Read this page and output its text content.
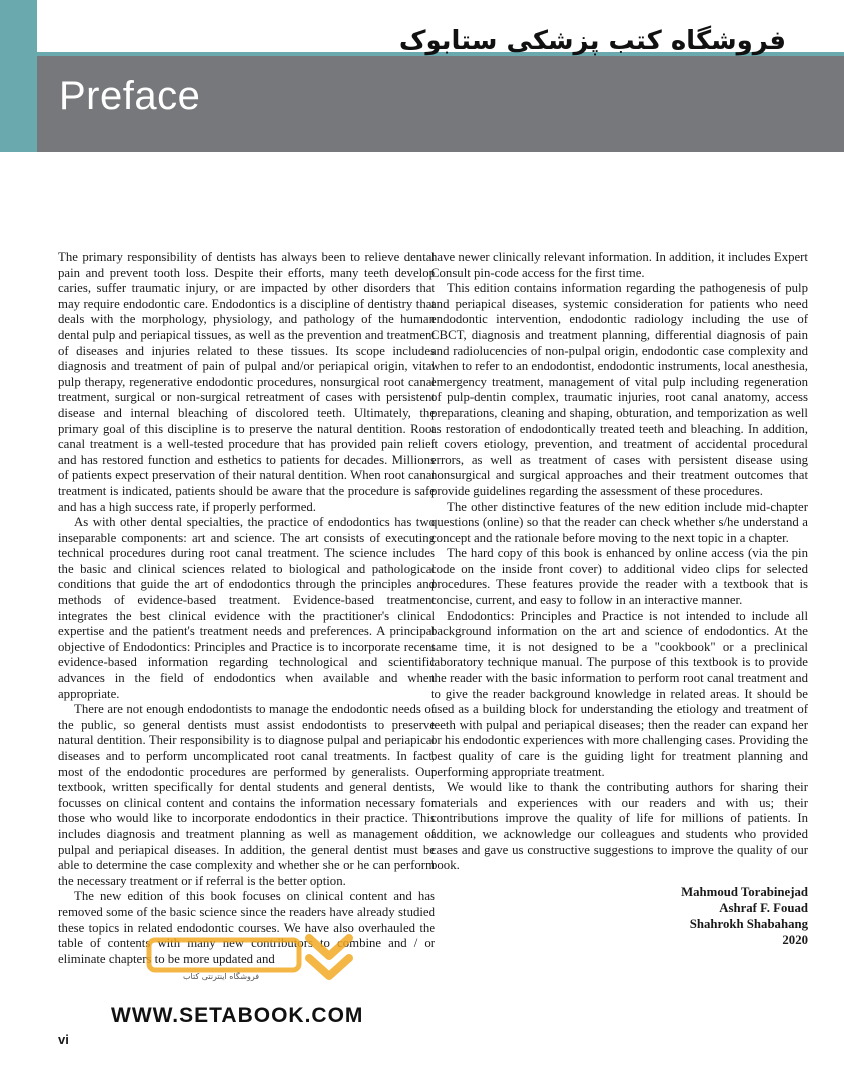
فروشگاه کتب پزشکی ستابوک
Preface

The primary responsibility of dentists has always been to relieve dental pain and prevent tooth loss. Despite their efforts, many teeth develop caries, suffer traumatic injury, or are impacted by other disorders that may require endodontic care. Endodontics is a discipline of dentistry that deals with the morphology, physiology, and pathology of the human dental pulp and periapical tissues, as well as the prevention and treatment of diseases and injuries related to these tissues. Its scope includes diagnosis and treatment of pain of pulpal and/or periapical origin, vital pulp therapy, regenerative endodontic procedures, nonsurgical root canal treatment, surgical or non-surgical retreatment of cases with persistent disease and internal bleaching of discolored teeth. Ultimately, the primary goal of this discipline is to preserve the natural dentition. Root canal treatment is a well-tested procedure that has provided pain relief and has restored function and esthetics to patients for decades. Millions of patients expect preservation of their natural dentition. When root canal treatment is indicated, patients should be aware that the procedure is safe and has a high success rate, if properly performed.

As with other dental specialties, the practice of endodontics has two inseparable components: art and science. The art consists of executing technical procedures during root canal treatment. The science includes the basic and clinical sciences related to biological and pathological conditions that guide the art of endodontics through the principles and methods of evidence-based treatment. Evidence-based treatment integrates the best clinical evidence with the practitioner's clinical expertise and the patient's treatment needs and preferences. A principal objective of Endodontics: Principles and Practice is to incorporate recent evidence-based information regarding technological and scientific advances in the field of endodontics when available and when appropriate.

There are not enough endodontists to manage the endodontic needs of the public, so general dentists must assist endodontists to preserve natural dentition. Their responsibility is to diagnose pulpal and periapical diseases and to perform uncomplicated root canal treatments. In fact, most of the endodontic procedures are performed by generalists. Our textbook, written specifically for dental students and general dentists, focusses on clinical content and contains the information necessary for those who would like to incorporate endodontics in their practice. This includes diagnosis and treatment planning as well as management of pulpal and periapical diseases. In addition, the general dentist must be able to determine the case complexity and whether she or he can perform the necessary treatment or if referral is the better option.

The new edition of this book focuses on clinical content and has removed some of the basic science since the readers have already studied these topics in related endodontic courses. We have also overhauled the table of contents with many new contributors to combine and / or eliminate chapters to be more updated and

have newer clinically relevant information. In addition, it includes Expert Consult pin-code access for the first time.

This edition contains information regarding the pathogenesis of pulp and periapical diseases, systemic consideration for patients who need endodontic intervention, endodontic radiology including the use of CBCT, diagnosis and treatment planning, differential diagnosis of pain and radiolucencies of non-pulpal origin, endodontic case complexity and when to refer to an endodontist, endodontic instruments, local anesthesia, emergency treatment, management of vital pulp including regeneration of pulp-dentin complex, traumatic injuries, root canal anatomy, access preparations, cleaning and shaping, obturation, and temporization as well as restoration of endodontically treated teeth and bleaching. In addition, it covers etiology, prevention, and treatment of accidental procedural errors, as well as treatment of cases with persistent disease using nonsurgical and surgical approaches and their treatment outcomes that provide guidelines regarding the assessment of these procedures.

The other distinctive features of the new edition include mid-chapter questions (online) so that the reader can check whether s/he understand a concept and the rationale before moving to the next topic in a chapter.

The hard copy of this book is enhanced by online access (via the pin code on the inside front cover) to additional video clips for selected procedures. These features provide the reader with a textbook that is concise, current, and easy to follow in an interactive manner.

Endodontics: Principles and Practice is not intended to include all background information on the art and science of endodontics. At the same time, it is not designed to be a "cookbook" or a preclinical laboratory technique manual. The purpose of this textbook is to provide the reader with the basic information to perform root canal treatment and to give the reader background knowledge in related areas. It should be used as a building block for understanding the etiology and treatment of teeth with pulpal and periapical diseases; then the reader can expand her or his endodontic experiences with more challenging cases. Providing the best quality of care is the guiding light for treatment planning and performing appropriate treatment.

We would like to thank the contributing authors for sharing their materials and experiences with our readers and with us; their contributions improve the quality of life for millions of patients. In addition, we acknowledge our colleagues and students who provided cases and gave us constructive suggestions to improve the quality of our book.

Mahmoud Torabinejad
Ashraf F. Fouad
Shahrokh Shabahang
2020
فروشگاه اینترنتی کتاب
WWW.SETABOOK.COM
vi
